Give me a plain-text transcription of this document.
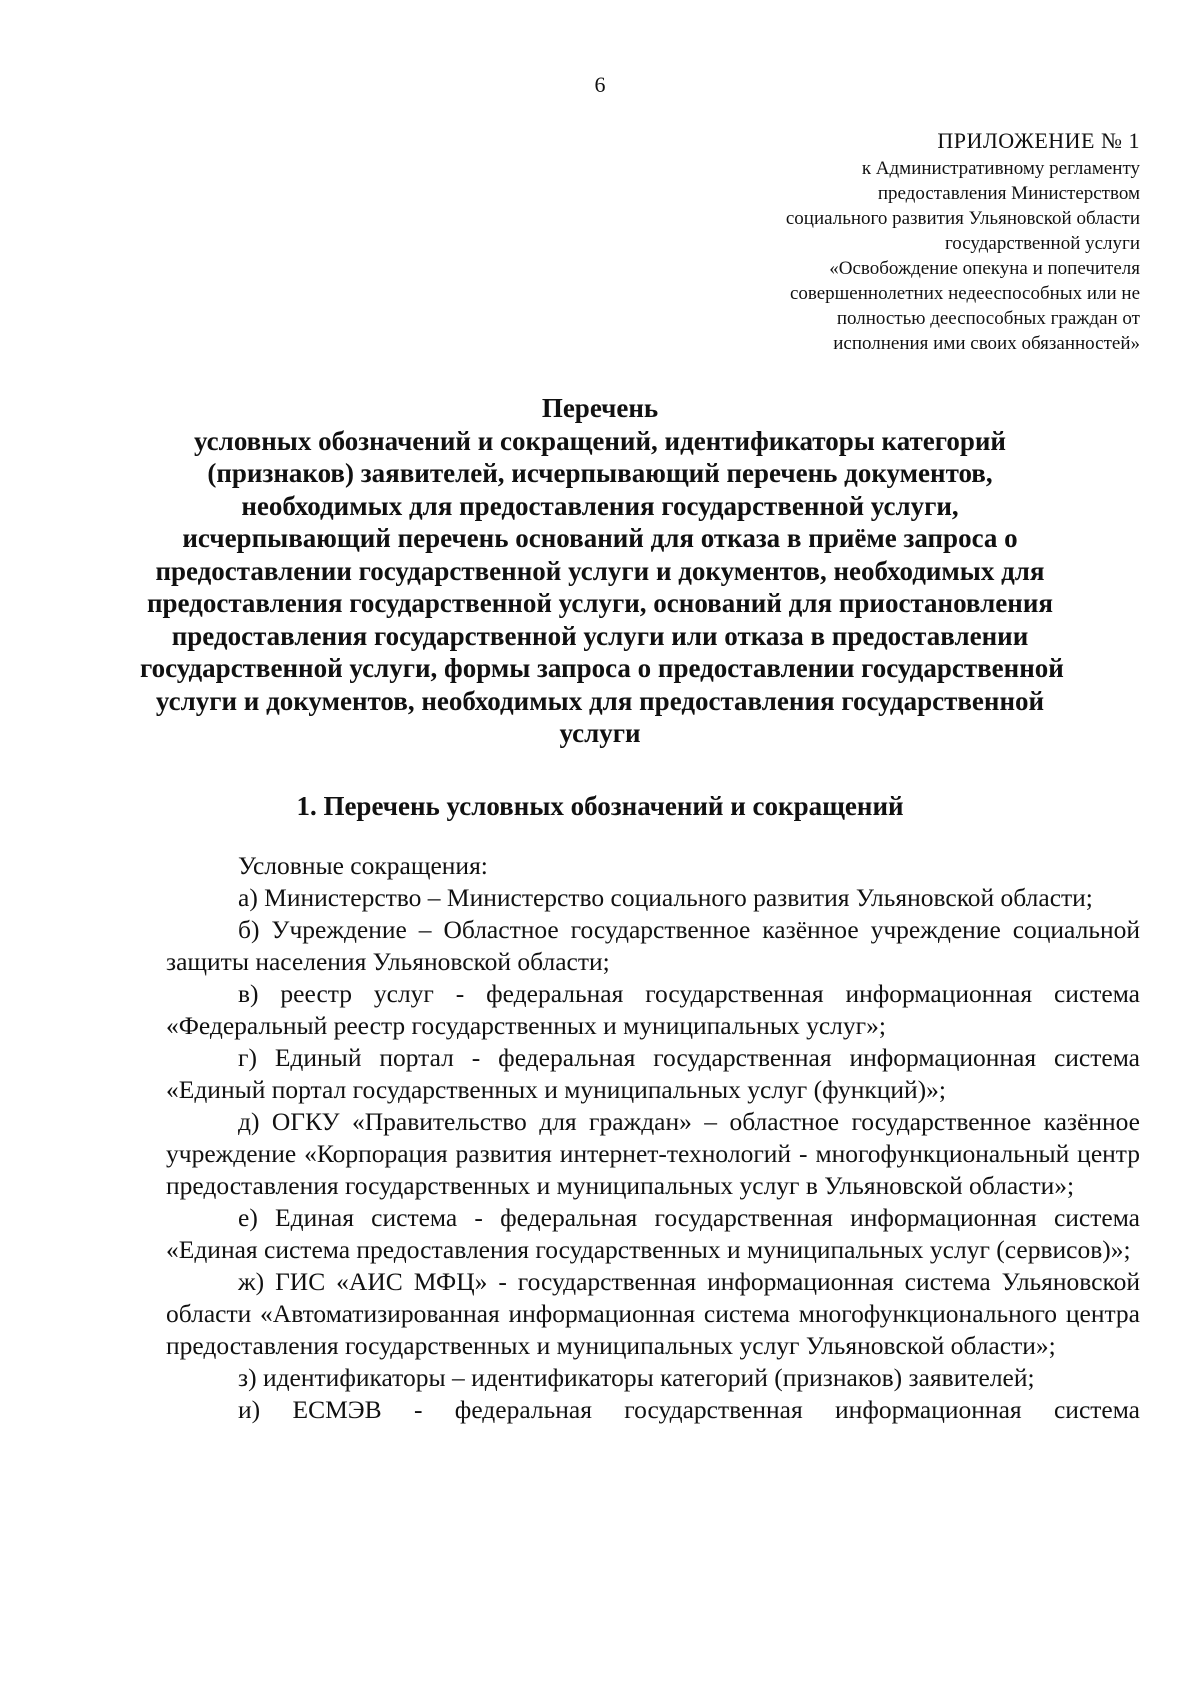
6
ПРИЛОЖЕНИЕ № 1
к Административному регламенту
предоставления Министерством
социального развития Ульяновской области
государственной услуги
«Освобождение опекуна и попечителя
совершеннолетних недееспособных или не
полностью дееспособных граждан от
исполнения ими своих обязанностей»
Перечень
условных обозначений и сокращений, идентификаторы категорий
(признаков) заявителей, исчерпывающий перечень документов,
необходимых для предоставления государственной услуги,
исчерпывающий перечень оснований для отказа в приёме запроса о
предоставлении государственной услуги и документов, необходимых для
предоставления государственной услуги, оснований для приостановления
предоставления государственной услуги или отказа в предоставлении
государственной услуги, формы запроса о предоставлении государственной
услуги и документов, необходимых для предоставления государственной
услуги
1. Перечень условных обозначений и сокращений

Условные сокращения:

а) Министерство – Министерство социального развития Ульяновской области;

б) Учреждение – Областное государственное казённое учреждение социальной защиты населения Ульяновской области;

в) реестр услуг - федеральная государственная информационная система «Федеральный реестр государственных и муниципальных услуг»;

г) Единый портал - федеральная государственная информационная система «Единый портал государственных и муниципальных услуг (функций)»;

д) ОГКУ «Правительство для граждан» – областное государственное казённое учреждение «Корпорация развития интернет-технологий - многофункциональный центр предоставления государственных и муниципальных услуг в Ульяновской области»;

е) Единая система - федеральная государственная информационная система «Единая система предоставления государственных и муниципальных услуг (сервисов)»;

ж) ГИС «АИС МФЦ» - государственная информационная система Ульяновской области «Автоматизированная информационная система многофункционального центра предоставления государственных и муниципальных услуг Ульяновской области»;

з) идентификаторы – идентификаторы категорий (признаков) заявителей;

и) ЕСМЭВ - федеральная государственная информационная система
